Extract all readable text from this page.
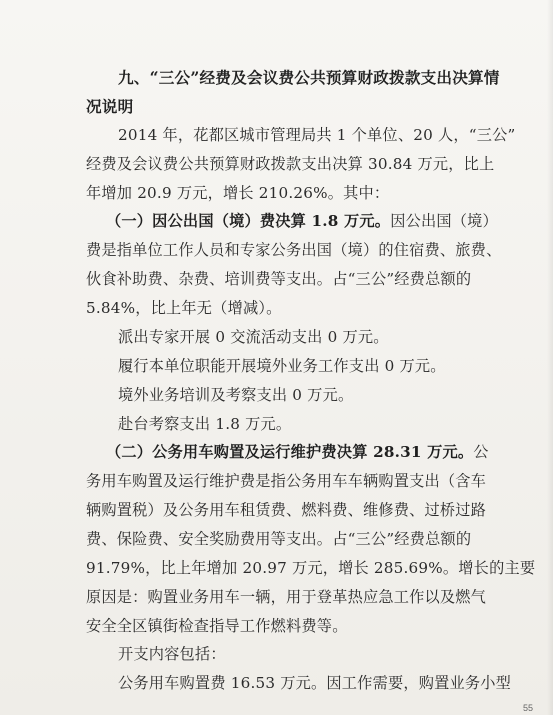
九、“三公”经费及会议费公共预算财政拨款支出决算情
况说明
2014 年，花都区城市管理局共 1 个单位、20 人，“三公”
经费及会议费公共预算财政拨款支出决算 30.84 万元，比上
年增加 20.9 万元，增长 210.26%。其中：
（一）因公出国（境）费决算 1.8 万元。因公出国（境）
费是指单位工作人员和专家公务出国（境）的住宿费、旅费、
伙食补助费、杂费、培训费等支出。占“三公”经费总额的
5.84%，比上年无（增减）。
派出专家开展 0 交流活动支出 0 万元。
履行本单位职能开展境外业务工作支出 0 万元。
境外业务培训及考察支出 0 万元。
赴台考察支出 1.8 万元。
（二）公务用车购置及运行维护费决算 28.31 万元。公
务用车购置及运行维护费是指公务用车车辆购置支出（含车
辆购置税）及公务用车租赁费、燃料费、维修费、过桥过路
费、保险费、安全奖励费用等支出。占“三公”经费总额的
91.79%，比上年增加 20.97 万元，增长 285.69%。增长的主要
原因是：购置业务用车一辆，用于登革热应急工作以及燃气
安全全区镇街检查指导工作燃料费等。
开支内容包括：
公务用车购置费 16.53 万元。因工作需要，购置业务小型
55
